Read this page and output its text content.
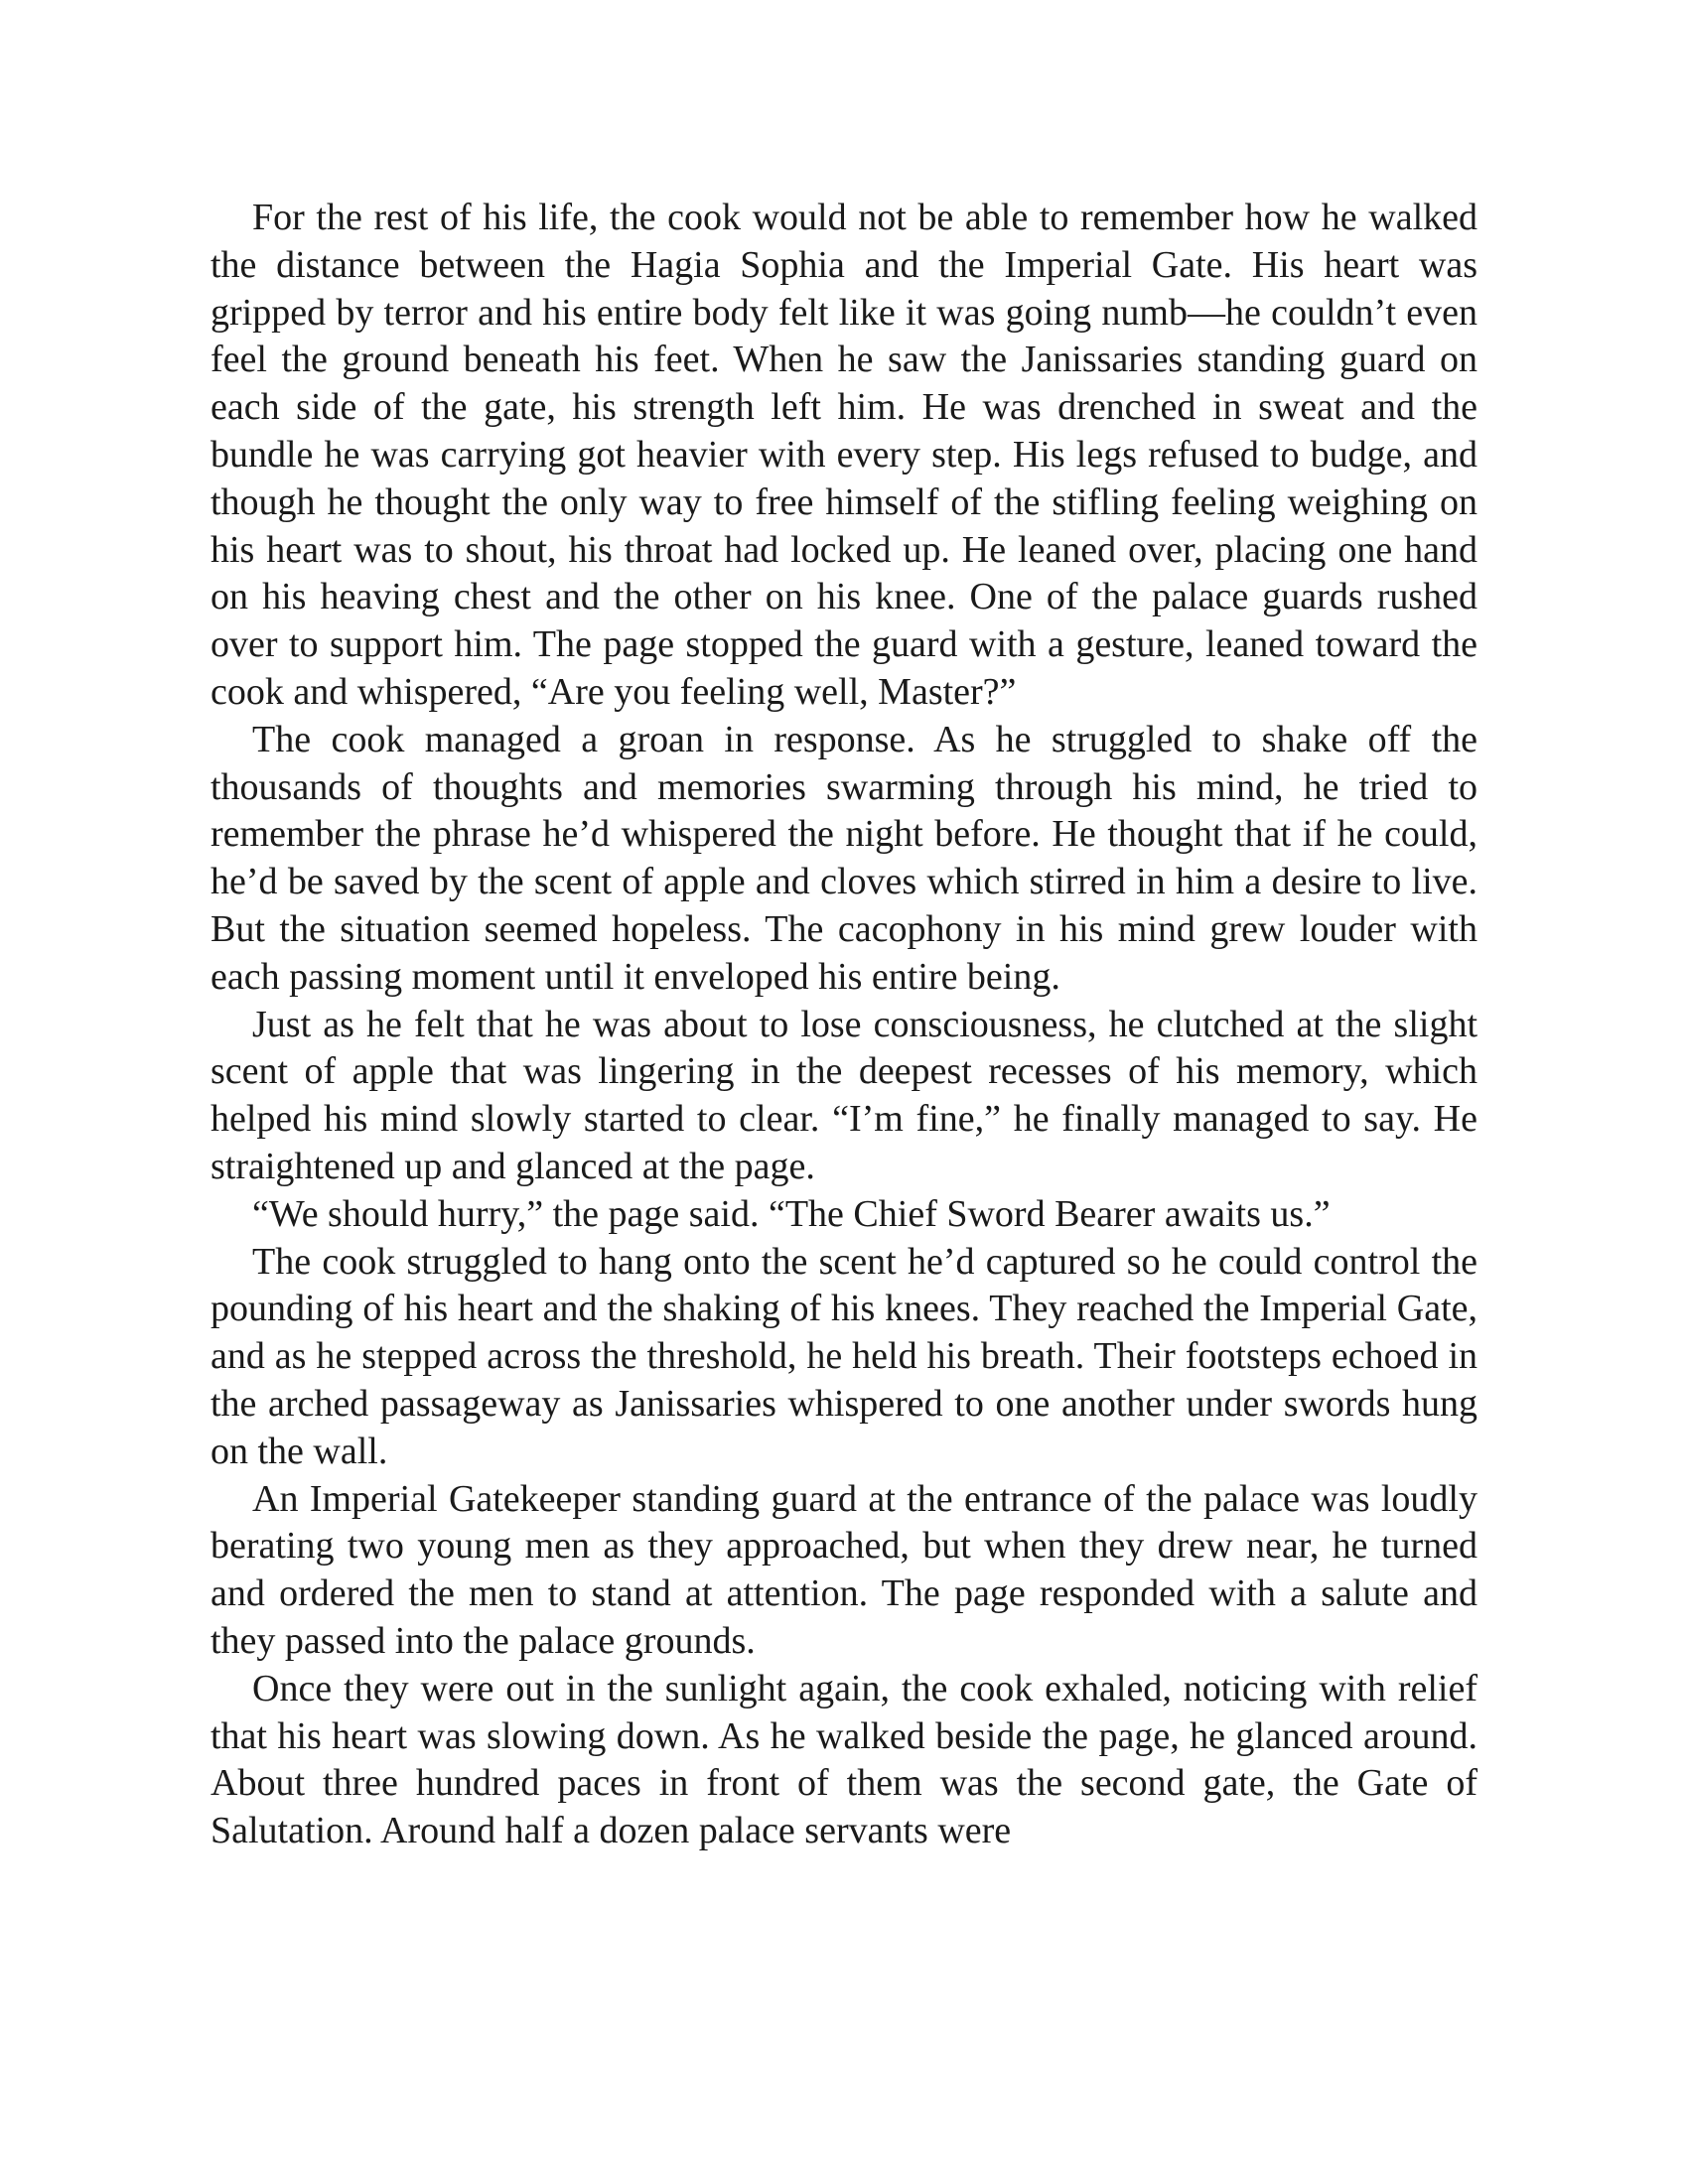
For the rest of his life, the cook would not be able to remember how he walked the distance between the Hagia Sophia and the Imperial Gate. His heart was gripped by terror and his entire body felt like it was going numb—he couldn’t even feel the ground beneath his feet. When he saw the Janissaries standing guard on each side of the gate, his strength left him. He was drenched in sweat and the bundle he was carrying got heavier with every step. His legs refused to budge, and though he thought the only way to free himself of the stifling feeling weighing on his heart was to shout, his throat had locked up. He leaned over, placing one hand on his heaving chest and the other on his knee. One of the palace guards rushed over to support him. The page stopped the guard with a gesture, leaned toward the cook and whispered, “Are you feeling well, Master?”

The cook managed a groan in response. As he struggled to shake off the thousands of thoughts and memories swarming through his mind, he tried to remember the phrase he’d whispered the night before. He thought that if he could, he’d be saved by the scent of apple and cloves which stirred in him a desire to live. But the situation seemed hopeless. The cacophony in his mind grew louder with each passing moment until it enveloped his entire being.

Just as he felt that he was about to lose consciousness, he clutched at the slight scent of apple that was lingering in the deepest recesses of his memory, which helped his mind slowly started to clear. “I’m fine,” he finally managed to say. He straightened up and glanced at the page.

“We should hurry,” the page said. “The Chief Sword Bearer awaits us.”

The cook struggled to hang onto the scent he’d captured so he could control the pounding of his heart and the shaking of his knees. They reached the Imperial Gate, and as he stepped across the threshold, he held his breath. Their footsteps echoed in the arched passageway as Janissaries whispered to one another under swords hung on the wall.

An Imperial Gatekeeper standing guard at the entrance of the palace was loudly berating two young men as they approached, but when they drew near, he turned and ordered the men to stand at attention. The page responded with a salute and they passed into the palace grounds.

Once they were out in the sunlight again, the cook exhaled, noticing with relief that his heart was slowing down. As he walked beside the page, he glanced around. About three hundred paces in front of them was the second gate, the Gate of Salutation. Around half a dozen palace servants were
